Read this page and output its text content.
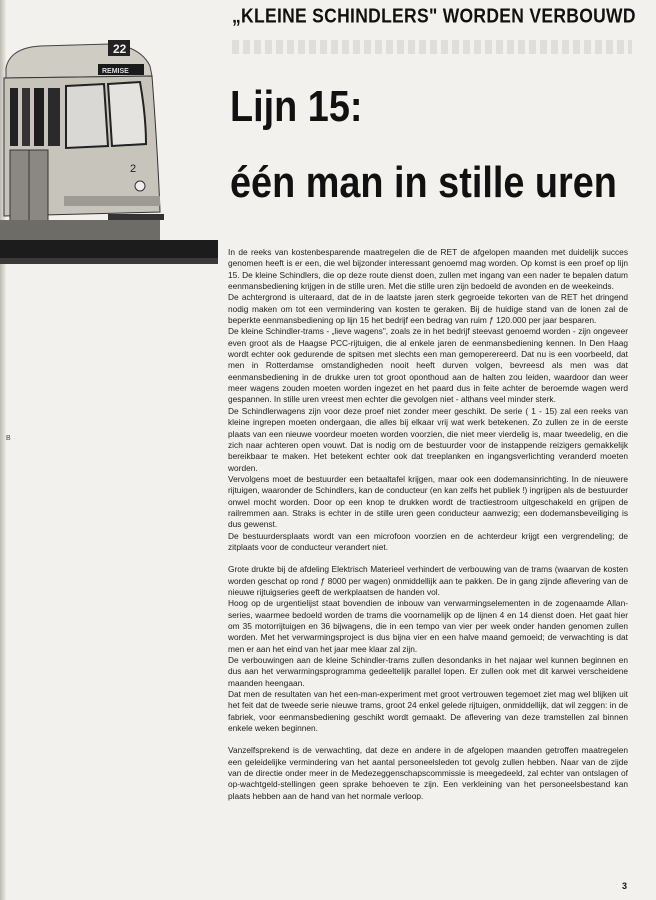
„KLEINE SCHINDLERS" WORDEN VERBOUWD
22
REMISE
2
Lijn 15:
één man in stille uren
B

In de reeks van kostenbesparende maatregelen die de RET de afgelopen maanden met duidelijk succes genomen heeft is er een, die wel bijzonder interessant genoemd mag worden. Op komst is een proef op lijn 15. De kleine Schindlers, die op deze route dienst doen, zullen met ingang van een nader te bepalen datum eenmansbediening krijgen in de stille uren. Met die stille uren zijn bedoeld de avonden en de weekeinds.

De achtergrond is uiteraard, dat de in de laatste jaren sterk gegroeide tekorten van de RET het dringend nodig maken om tot een vermindering van kosten te geraken. Bij de huidige stand van de lonen zal de beperkte eenmansbediening op lijn 15 het bedrijf een bedrag van ruim ƒ 120.000 per jaar besparen.

De kleine Schindler-trams - „lieve wagens", zoals ze in het bedrijf steevast genoemd worden - zijn ongeveer even groot als de Haagse PCC-rijtuigen, die al enkele jaren de eenmansbediening kennen. In Den Haag wordt echter ook gedurende de spitsen met slechts een man gemoperereerd. Dat nu is een voorbeeld, dat men in Rotterdamse omstandigheden nooit heeft durven volgen, bevreesd als men was dat eenmansbediening in de drukke uren tot groot oponthoud aan de halten zou leiden, waardoor dan weer meer wagens zouden moeten worden ingezet en het paard dus in feite achter de beroemde wagen werd gespannen. In stille uren vreest men echter die gevolgen niet - althans veel minder sterk.

De Schindlerwagens zijn voor deze proef niet zonder meer geschikt. De serie ( 1 - 15) zal een reeks van kleine ingrepen moeten ondergaan, die alles bij elkaar vrij wat werk betekenen. Zo zullen ze in de eerste plaats van een nieuwe voordeur moeten worden voorzien, die niet meer vierdelig is, maar tweedelig, en die zich naar achteren open vouwt. Dat is nodig om de bestuurder voor de instappende reizigers gemakkelijk bereikbaar te maken. Het betekent echter ook dat treeplanken en ingangsverlichting veranderd moeten worden.

Vervolgens moet de bestuurder een betaaltafel krijgen, maar ook een dodemansinrichting. In de nieuwere rijtuigen, waaronder de Schindlers, kan de conducteur (en kan zelfs het publiek !) ingrijpen als de bestuurder onwel mocht worden. Door op een knop te drukken wordt de tractiestroom uitgeschakeld en grijpen de railremmen aan. Straks is echter in de stille uren geen conducteur aanwezig; een dodemansbeveiliging is dus gewenst.

De bestuurdersplaats wordt van een microfoon voorzien en de achterdeur krijgt een vergrendeling; de zitplaats voor de conducteur verandert niet.

Grote drukte bij de afdeling Elektrisch Materieel verhindert de verbouwing van de trams (waarvan de kosten worden geschat op rond ƒ 8000 per wagen) onmiddellijk aan te pakken. De in gang zijnde aflevering van de nieuwe rijtuigseries geeft de werkplaatsen de handen vol.

Hoog op de urgentielijst staat bovendien de inbouw van verwarmingselementen in de zogenaamde Allan-series, waarmee bedoeld worden de trams die voornamelijk op de lijnen 4 en 14 dienst doen. Het gaat hier om 35 motorrijtuigen en 36 bijwagens, die in een tempo van vier per week onder handen genomen zullen worden. Met het verwarmingsproject is dus bijna vier en een halve maand gemoeid; de verwachting is dat men er aan het eind van het jaar mee klaar zal zijn.

De verbouwingen aan de kleine Schindler-trams zullen desondanks in het najaar wel kunnen beginnen en dus aan het verwarmingsprogramma gedeeltelijk parallel lopen. Er zullen ook met dit karwei verscheidene maanden heengaan.

Dat men de resultaten van het een-man-experiment met groot vertrouwen tegemoet ziet mag wel blijken uit het feit dat de tweede serie nieuwe trams, groot 24 enkel gelede rijtuigen, onmiddellijk, dat wil zeggen: in de fabriek, voor eenmansbediening geschikt wordt gemaakt. De aflevering van deze tramstellen zal binnen enkele weken beginnen.

Vanzelfsprekend is de verwachting, dat deze en andere in de afgelopen maanden getroffen maatregelen een geleidelijke vermindering van het aantal personeelsleden tot gevolg zullen hebben. Naar van de zijde van de directie onder meer in de Medezeggenschapscommissie is meegedeeld, zal echter van ontslagen of op-wachtgeld-stellingen geen sprake behoeven te zijn. Een verkleining van het personeelsbestand kan plaats hebben aan de hand van het normale verloop.

3
